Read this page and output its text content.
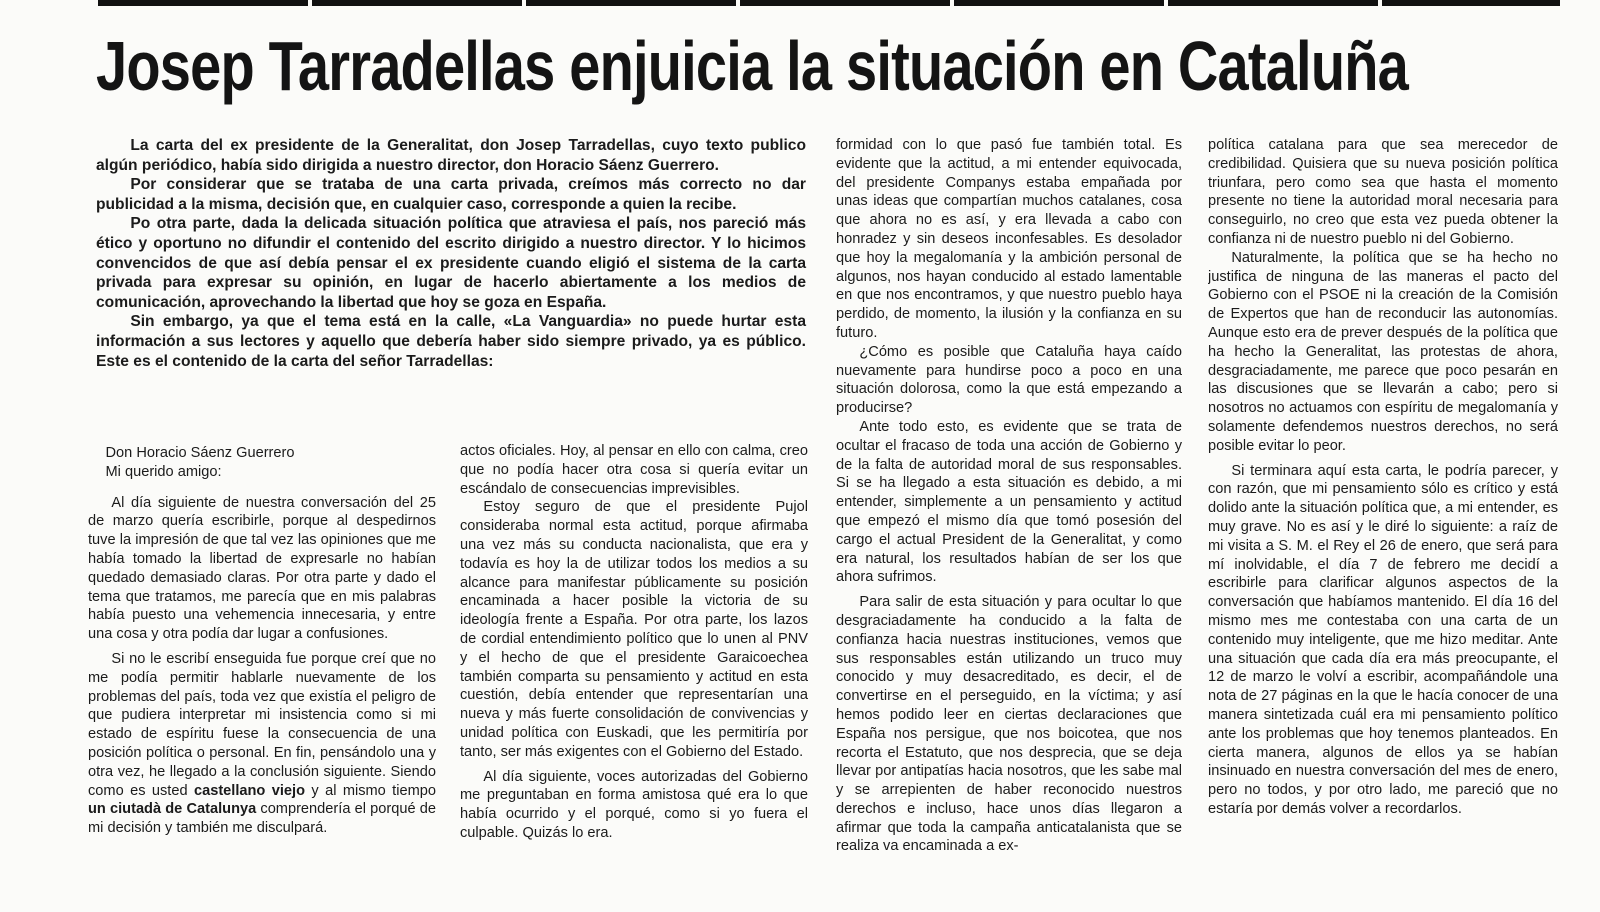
Josep Tarradellas enjuicia la situación en Cataluña

La carta del ex presidente de la Generalitat, don Josep Tarradellas, cuyo texto publico algún periódico, había sido dirigida a nuestro director, don Horacio Sáenz Guerrero.

Por considerar que se trataba de una carta privada, creímos más correcto no dar publicidad a la misma, decisión que, en cualquier caso, corresponde a quien la recibe.

Po otra parte, dada la delicada situación política que atraviesa el país, nos pareció más ético y oportuno no difundir el contenido del escrito dirigido a nuestro director. Y lo hicimos convencidos de que así debía pensar el ex presidente cuando eligió el sistema de la carta privada para expresar su opinión, en lugar de hacerlo abiertamente a los medios de comunicación, aprovechando la libertad que hoy se goza en España.

Sin embargo, ya que el tema está en la calle, «La Vanguardia» no puede hurtar esta información a sus lectores y aquello que debería haber sido siempre privado, ya es público. Este es el contenido de la carta del señor Tarradellas:

Don Horacio Sáenz Guerrero

Mi querido amigo:

Al día siguiente de nuestra conversación del 25 de marzo quería escribirle, porque al despedirnos tuve la impresión de que tal vez las opiniones que me había tomado la libertad de expresarle no habían quedado demasiado claras. Por otra parte y dado el tema que tratamos, me parecía que en mis palabras había puesto una vehemencia innecesaria, y entre una cosa y otra podía dar lugar a confusiones.

Si no le escribí enseguida fue porque creí que no me podía permitir hablarle nuevamente de los problemas del país, toda vez que existía el peligro de que pudiera interpretar mi insistencia como si mi estado de espíritu fuese la consecuencia de una posición política o personal. En fin, pensándolo una y otra vez, he llegado a la conclusión siguiente. Siendo como es usted castellano viejo y al mismo tiempo un ciutadà de Catalunya comprendería el porqué de mi decisión y también me disculpará.

actos oficiales. Hoy, al pensar en ello con calma, creo que no podía hacer otra cosa si quería evitar un escándalo de consecuencias imprevisibles.

Estoy seguro de que el presidente Pujol consideraba normal esta actitud, porque afirmaba una vez más su conducta nacionalista, que era y todavía es hoy la de utilizar todos los medios a su alcance para manifestar públicamente su posición encaminada a hacer posible la victoria de su ideología frente a España. Por otra parte, los lazos de cordial entendimiento político que lo unen al PNV y el hecho de que el presidente Garaicoechea también comparta su pensamiento y actitud en esta cuestión, debía entender que representarían una nueva y más fuerte consolidación de convivencias y unidad política con Euskadi, que les permitiría por tanto, ser más exigentes con el Gobierno del Estado.

Al día siguiente, voces autorizadas del Gobierno me preguntaban en forma amistosa qué era lo que había ocurrido y el porqué, como si yo fuera el culpable. Quizás lo era.

formidad con lo que pasó fue también total. Es evidente que la actitud, a mi entender equivocada, del presidente Companys estaba empañada por unas ideas que compartían muchos catalanes, cosa que ahora no es así, y era llevada a cabo con honradez y sin deseos inconfesables. Es desolador que hoy la megalomanía y la ambición personal de algunos, nos hayan conducido al estado lamentable en que nos encontramos, y que nuestro pueblo haya perdido, de momento, la ilusión y la confianza en su futuro.

¿Cómo es posible que Cataluña haya caído nuevamente para hundirse poco a poco en una situación dolorosa, como la que está empezando a producirse?

Ante todo esto, es evidente que se trata de ocultar el fracaso de toda una acción de Gobierno y de la falta de autoridad moral de sus responsables. Si se ha llegado a esta situación es debido, a mi entender, simplemente a un pensamiento y actitud que empezó el mismo día que tomó posesión del cargo el actual President de la Generalitat, y como era natural, los resultados habían de ser los que ahora sufrimos.

Para salir de esta situación y para ocultar lo que desgraciadamente ha conducido a la falta de confianza hacia nuestras instituciones, vemos que sus responsables están utilizando un truco muy conocido y muy desacreditado, es decir, el de convertirse en el perseguido, en la víctima; y así hemos podido leer en ciertas declaraciones que España nos persigue, que nos boicotea, que nos recorta el Estatuto, que nos desprecia, que se deja llevar por antipatías hacia nosotros, que les sabe mal y se arrepienten de haber reconocido nuestros derechos e incluso, hace unos días llegaron a afirmar que toda la campaña anticatalanista que se realiza va encaminada a ex-

política catalana para que sea merecedor de credibilidad. Quisiera que su nueva posición política triunfara, pero como sea que hasta el momento presente no tiene la autoridad moral necesaria para conseguirlo, no creo que esta vez pueda obtener la confianza ni de nuestro pueblo ni del Gobierno.

Naturalmente, la política que se ha hecho no justifica de ninguna de las maneras el pacto del Gobierno con el PSOE ni la creación de la Comisión de Expertos que han de reconducir las autonomías. Aunque esto era de prever después de la política que ha hecho la Generalitat, las protestas de ahora, desgraciadamente, me parece que poco pesarán en las discusiones que se llevarán a cabo; pero si nosotros no actuamos con espíritu de megalomanía y solamente defendemos nuestros derechos, no será posible evitar lo peor.

Si terminara aquí esta carta, le podría parecer, y con razón, que mi pensamiento sólo es crítico y está dolido ante la situación política que, a mi entender, es muy grave. No es así y le diré lo siguiente: a raíz de mi visita a S. M. el Rey el 26 de enero, que será para mí inolvidable, el día 7 de febrero me decidí a escribirle para clarificar algunos aspectos de la conversación que habíamos mantenido. El día 16 del mismo mes me contestaba con una carta de un contenido muy inteligente, que me hizo meditar. Ante una situación que cada día era más preocupante, el 12 de marzo le volví a escribir, acompañándole una nota de 27 páginas en la que le hacía conocer de una manera sintetizada cuál era mi pensamiento político ante los problemas que hoy tenemos planteados. En cierta manera, algunos de ellos ya se habían insinuado en nuestra conversación del mes de enero, pero no todos, y por otro lado, me pareció que no estaría por demás volver a recordarlos.
